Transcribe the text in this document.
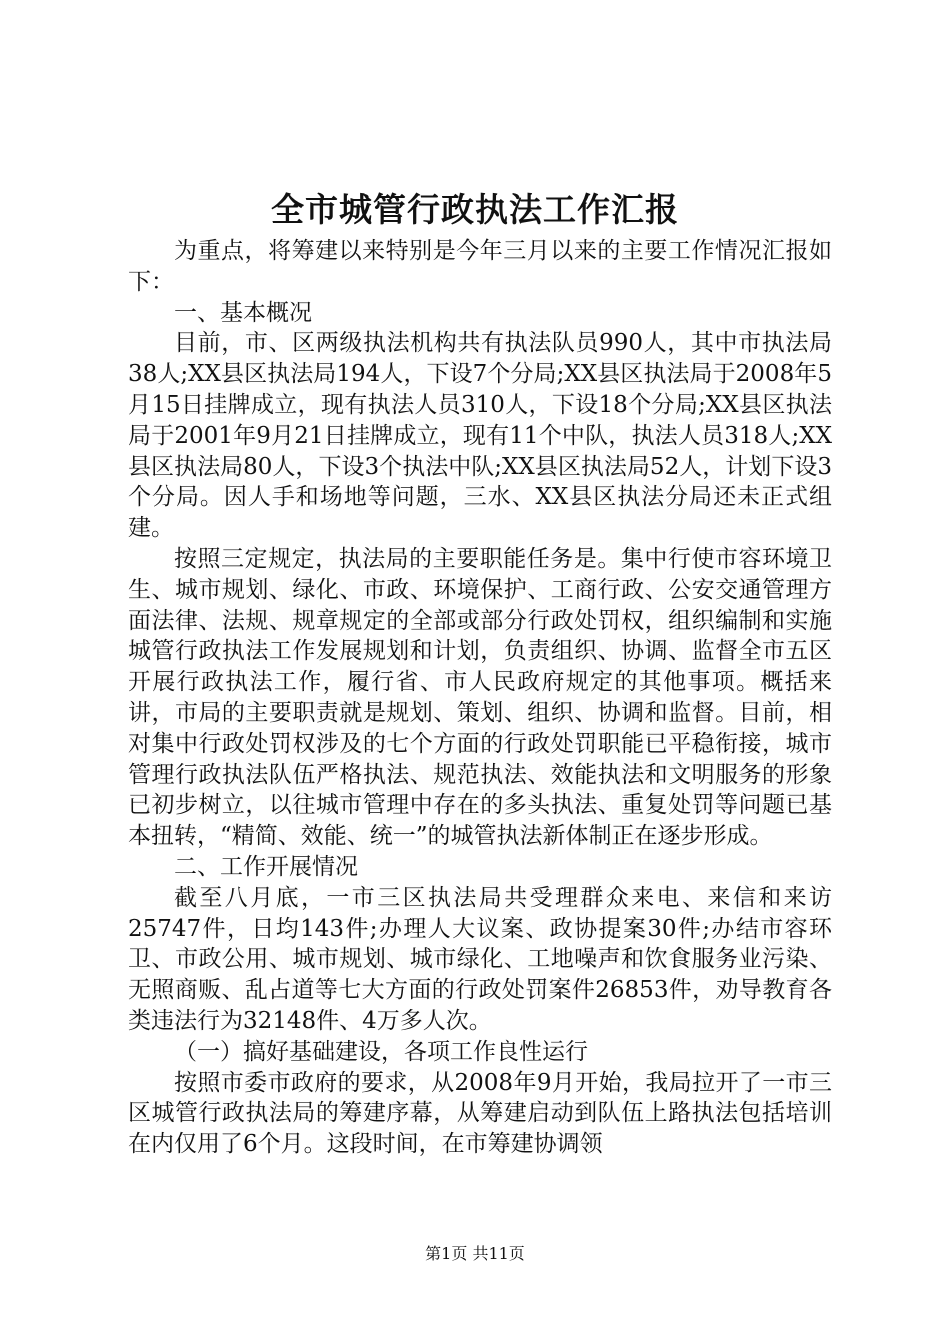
全市城管行政执法工作汇报

为重点，将筹建以来特别是今年三月以来的主要工作情况汇报如下：

一、基本概况

目前，市、区两级执法机构共有执法队员990人，其中市执法局38人;XX县区执法局194人，下设7个分局;XX县区执法局于2008年5月15日挂牌成立，现有执法人员310人，下设18个分局;XX县区执法局于2001年9月21日挂牌成立，现有11个中队，执法人员318人;XX县区执法局80人，下设3个执法中队;XX县区执法局52人，计划下设3个分局。因人手和场地等问题，三水、XX县区执法分局还未正式组建。

按照三定规定，执法局的主要职能任务是。集中行使市容环境卫生、城市规划、绿化、市政、环境保护、工商行政、公安交通管理方面法律、法规、规章规定的全部或部分行政处罚权，组织编制和实施城管行政执法工作发展规划和计划，负责组织、协调、监督全市五区开展行政执法工作，履行省、市人民政府规定的其他事项。概括来讲，市局的主要职责就是规划、策划、组织、协调和监督。目前，相对集中行政处罚权涉及的七个方面的行政处罚职能已平稳衔接，城市管理行政执法队伍严格执法、规范执法、效能执法和文明服务的形象已初步树立，以往城市管理中存在的多头执法、重复处罚等问题已基本扭转，“精简、效能、统一”的城管执法新体制正在逐步形成。

二、工作开展情况

截至八月底，一市三区执法局共受理群众来电、来信和来访25747件，日均143件;办理人大议案、政协提案30件;办结市容环卫、市政公用、城市规划、城市绿化、工地噪声和饮食服务业污染、无照商贩、乱占道等七大方面的行政处罚案件26853件，劝导教育各类违法行为32148件、4万多人次。

（一）搞好基础建设，各项工作良性运行

按照市委市政府的要求，从2008年9月开始，我局拉开了一市三区城管行政执法局的筹建序幕，从筹建启动到队伍上路执法包括培训在内仅用了6个月。这段时间，在市筹建协调领

第1页 共11页
